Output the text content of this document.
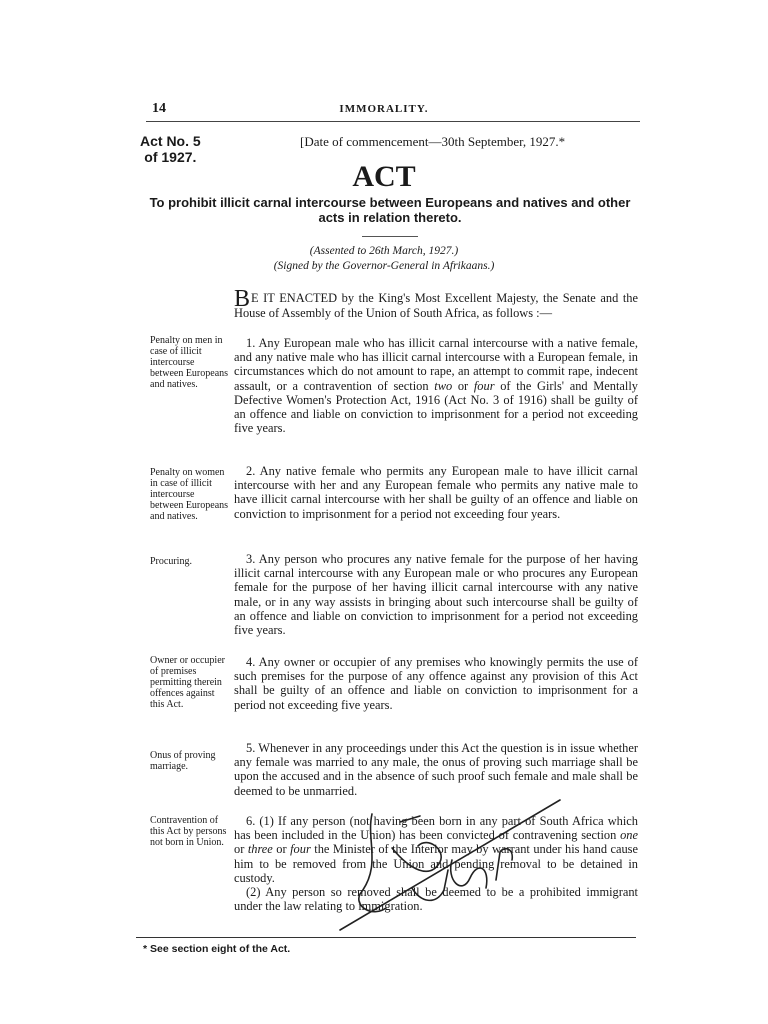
14	IMMORALITY.
Act No. 5
of 1927.
[Date of commencement—30th September, 1927.*
ACT
To prohibit illicit carnal intercourse between Europeans and natives and other acts in relation thereto.
(Assented to 26th March, 1927.)
(Signed by the Governor-General in Afrikaans.)
Penalty on men in case of illicit intercourse between Europeans and natives.
Penalty on women in case of illicit intercourse between Europeans and natives.
Procuring.
Owner or occupier of premises permitting therein offences against this Act.
Onus of proving marriage.
Contravention of this Act by persons not born in Union.

BE IT ENACTED by the King's Most Excellent Majesty, the Senate and the House of Assembly of the Union of South Africa, as follows :—

1. Any European male who has illicit carnal intercourse with a native female, and any native male who has illicit carnal intercourse with a European female, in circumstances which do not amount to rape, an attempt to commit rape, indecent assault, or a contravention of section two or four of the Girls' and Mentally Defective Women's Protection Act, 1916 (Act No. 3 of 1916) shall be guilty of an offence and liable on conviction to imprisonment for a period not exceeding five years.

2. Any native female who permits any European male to have illicit carnal intercourse with her and any European female who permits any native male to have illicit carnal intercourse with her shall be guilty of an offence and liable on conviction to imprisonment for a period not exceeding four years.

3. Any person who procures any native female for the purpose of her having illicit carnal intercourse with any European male or who procures any European female for the purpose of her having illicit carnal intercourse with any native male, or in any way assists in bringing about such intercourse shall be guilty of an offence and liable on conviction to imprisonment for a period not exceeding five years.

4. Any owner or occupier of any premises who knowingly permits the use of such premises for the purpose of any offence against any provision of this Act shall be guilty of an offence and liable on conviction to imprisonment for a period not exceeding five years.

5. Whenever in any proceedings under this Act the question is in issue whether any female was married to any male, the onus of proving such marriage shall be upon the accused and in the absence of such proof such female and male shall be deemed to be unmarried.

6. (1) If any person (not having been born in any part of South Africa which has been included in the Union) has been convicted of contravening section one or three or four the Minister of the Interior may by warrant under his hand cause him to be removed from the Union and pending removal to be detained in custody.

(2) Any person so removed shall be deemed to be a prohibited immigrant under the law relating to immigration.

* See section eight of the Act.
